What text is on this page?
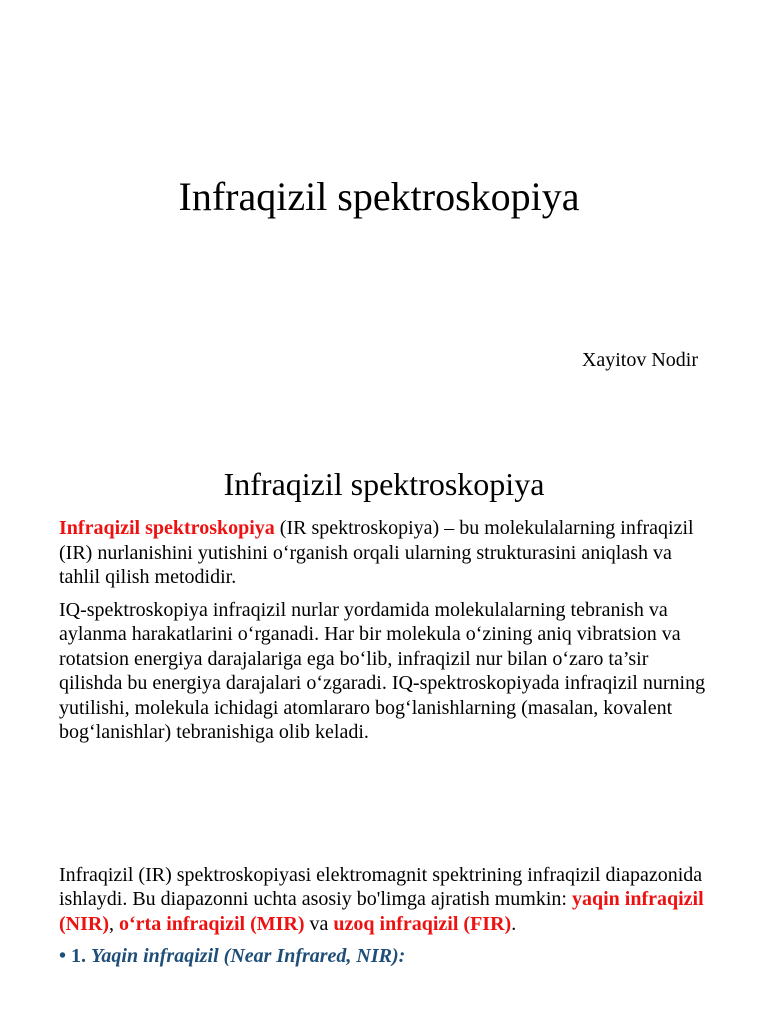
Infraqizil spektroskopiya

Xayitov Nodir

Infraqizil spektroskopiya

Infraqizil spektroskopiya (IR spektroskopiya) – bu molekulalarning infraqizil (IR) nurlanishini yutishini o‘rganish orqali ularning strukturasini aniqlash va tahlil qilish metodidir.

IQ-spektroskopiya infraqizil nurlar yordamida molekulalarning tebranish va aylanma harakatlarini o‘rganadi. Har bir molekula o‘zining aniq vibratsion va rotatsion energiya darajalariga ega bo‘lib, infraqizil nur bilan o‘zaro ta’sir qilishda bu energiya darajalari o‘zgaradi. IQ-spektroskopiyada infraqizil nurning yutilishi, molekula ichidagi atomlararo bog‘lanishlarning (masalan, kovalent bog‘lanishlar) tebranishiga olib keladi.

Infraqizil (IR) spektroskopiyasi elektromagnit spektrining infraqizil diapazonida ishlaydi. Bu diapazonni uchta asosiy bo'limga ajratish mumkin: yaqin infraqizil (NIR), o‘rta infraqizil (MIR) va uzoq infraqizil (FIR).

• 1. Yaqin infraqizil (Near Infrared, NIR):
